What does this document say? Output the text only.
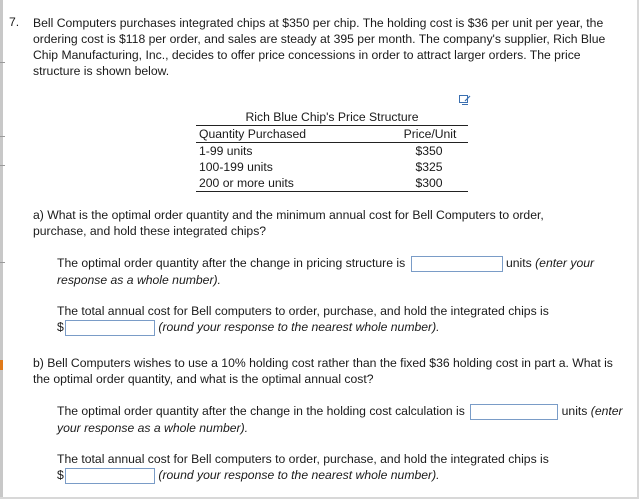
7. Bell Computers purchases integrated chips at $350 per chip. The holding cost is $36 per unit per year, the ordering cost is $118 per order, and sales are steady at 395 per month. The company's supplier, Rich Blue Chip Manufacturing, Inc., decides to offer price concessions in order to attract larger orders. The price structure is shown below.
Rich Blue Chip's Price Structure
Quantity Purchased	Price/Unit
1-99 units	$350
100-199 units	$325
200 or more units	$300
a) What is the optimal order quantity and the minimum annual cost for Bell Computers to order, purchase, and hold these integrated chips?
The optimal order quantity after the change in pricing structure is	units (enter your response as a whole number).
The total annual cost for Bell computers to order, purchase, and hold the integrated chips is
$	(round your response to the nearest whole number).
b) Bell Computers wishes to use a 10% holding cost rather than the fixed $36 holding cost in part a. What is the optimal order quantity, and what is the optimal annual cost?
The optimal order quantity after the change in the holding cost calculation is	units (enter your response as a whole number).
The total annual cost for Bell computers to order, purchase, and hold the integrated chips is
$	(round your response to the nearest whole number).
